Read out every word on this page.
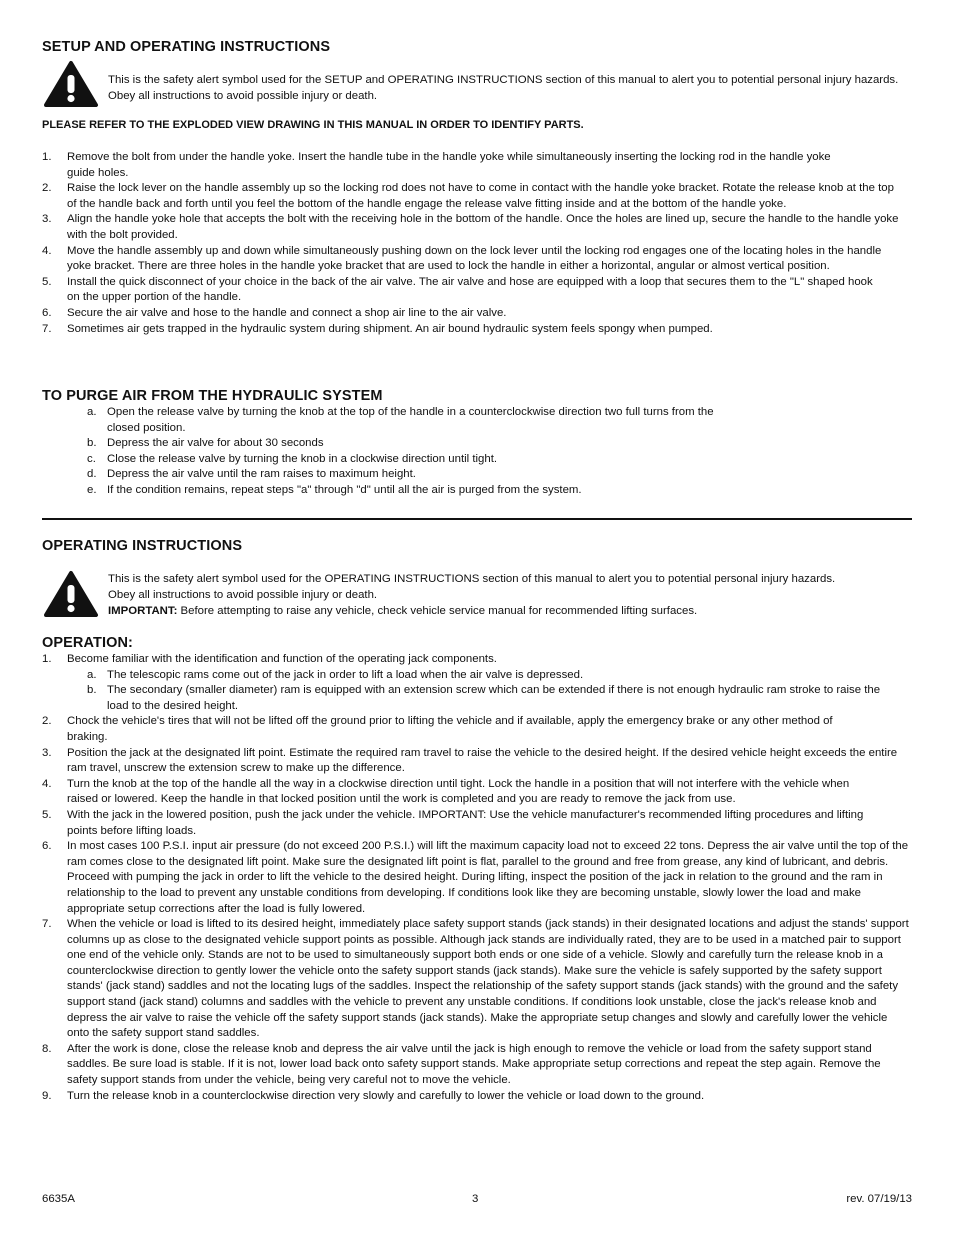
SETUP AND OPERATING INSTRUCTIONS

This is the safety alert symbol used for the SETUP and OPERATING INSTRUCTIONS section of this manual to alert you to potential personal injury hazards. Obey all instructions to avoid possible injury or death.

PLEASE REFER TO THE EXPLODED VIEW DRAWING IN THIS MANUAL IN ORDER TO IDENTIFY PARTS.
1. Remove the bolt from under the handle yoke. Insert the handle tube in the handle yoke while simultaneously inserting the locking rod in the handle yoke guide holes.
2. Raise the lock lever on the handle assembly up so the locking rod does not have to come in contact with the handle yoke bracket. Rotate the release knob at the top of the handle back and forth until you feel the bottom of the handle engage the release valve fitting inside and at the bottom of the handle yoke.
3. Align the handle yoke hole that accepts the bolt with the receiving hole in the bottom of the handle. Once the holes are lined up, secure the handle to the handle yoke with the bolt provided.
4. Move the handle assembly up and down while simultaneously pushing down on the lock lever until the locking rod engages one of the locating holes in the handle yoke bracket. There are three holes in the handle yoke bracket that are used to lock the handle in either a horizontal, angular or almost vertical position.
5. Install the quick disconnect of your choice in the back of the air valve. The air valve and hose are equipped with a loop that secures them to the "L" shaped hook on the upper portion of the handle.
6. Secure the air valve and hose to the handle and connect a shop air line to the air valve.
7. Sometimes air gets trapped in the hydraulic system during shipment. An air bound hydraulic system feels spongy when pumped.
TO PURGE AIR FROM THE HYDRAULIC SYSTEM
a. Open the release valve by turning the knob at the top of the handle in a counterclockwise direction two full turns from the closed position.
b. Depress the air valve for about 30 seconds
c. Close the release valve by turning the knob in a clockwise direction until tight.
d. Depress the air valve until the ram raises to maximum height.
e. If the condition remains, repeat steps "a" through "d" until all the air is purged from the system.
OPERATING INSTRUCTIONS

This is the safety alert symbol used for the OPERATING INSTRUCTIONS section of this manual to alert you to potential personal injury hazards. Obey all instructions to avoid possible injury or death.

IMPORTANT: Before attempting to raise any vehicle, check vehicle service manual for recommended lifting surfaces.

OPERATION:
1. Become familiar with the identification and function of the operating jack components.
a. The telescopic rams come out of the jack in order to lift a load when the air valve is depressed.
b. The secondary (smaller diameter) ram is equipped with an extension screw which can be extended if there is not enough hydraulic ram stroke to raise the load to the desired height.
2. Chock the vehicle's tires that will not be lifted off the ground prior to lifting the vehicle and if available, apply the emergency brake or any other method of braking.
3. Position the jack at the designated lift point. Estimate the required ram travel to raise the vehicle to the desired height. If the desired vehicle height exceeds the entire ram travel, unscrew the extension screw to make up the difference.
4. Turn the knob at the top of the handle all the way in a clockwise direction until tight. Lock the handle in a position that will not interfere with the vehicle when raised or lowered. Keep the handle in that locked position until the work is completed and you are ready to remove the jack from use.
5. With the jack in the lowered position, push the jack under the vehicle. IMPORTANT: Use the vehicle manufacturer's recommended lifting procedures and lifting points before lifting loads.
6. In most cases 100 P.S.I. input air pressure (do not exceed 200 P.S.I.) will lift the maximum capacity load not to exceed 22 tons. Depress the air valve until the top of the ram comes close to the designated lift point. Make sure the designated lift point is flat, parallel to the ground and free from grease, any kind of lubricant, and debris. Proceed with pumping the jack in order to lift the vehicle to the desired height. During lifting, inspect the position of the jack in relation to the ground and the ram in relationship to the load to prevent any unstable conditions from developing. If conditions look like they are becoming unstable, slowly lower the load and make appropriate setup corrections after the load is fully lowered.
7. When the vehicle or load is lifted to its desired height, immediately place safety support stands (jack stands) in their designated locations and adjust the stands' support columns up as close to the designated vehicle support points as possible. Although jack stands are individually rated, they are to be used in a matched pair to support one end of the vehicle only. Stands are not to be used to simultaneously support both ends or one side of a vehicle. Slowly and carefully turn the release knob in a counterclockwise direction to gently lower the vehicle onto the safety support stands (jack stands). Make sure the vehicle is safely supported by the safety support stands' (jack stand) saddles and not the locating lugs of the saddles. Inspect the relationship of the safety support stands (jack stands) with the ground and the safety support stand (jack stand) columns and saddles with the vehicle to prevent any unstable conditions. If conditions look unstable, close the jack's release knob and depress the air valve to raise the vehicle off the safety support stands (jack stands). Make the appropriate setup changes and slowly and carefully lower the vehicle onto the safety support stand saddles.
8. After the work is done, close the release knob and depress the air valve until the jack is high enough to remove the vehicle or load from the safety support stand saddles. Be sure load is stable. If it is not, lower load back onto safety support stands. Make appropriate setup corrections and repeat the step again. Remove the safety support stands from under the vehicle, being very careful not to move the vehicle.
9. Turn the release knob in a counterclockwise direction very slowly and carefully to lower the vehicle or load down to the ground.
6635A	3	rev. 07/19/13
